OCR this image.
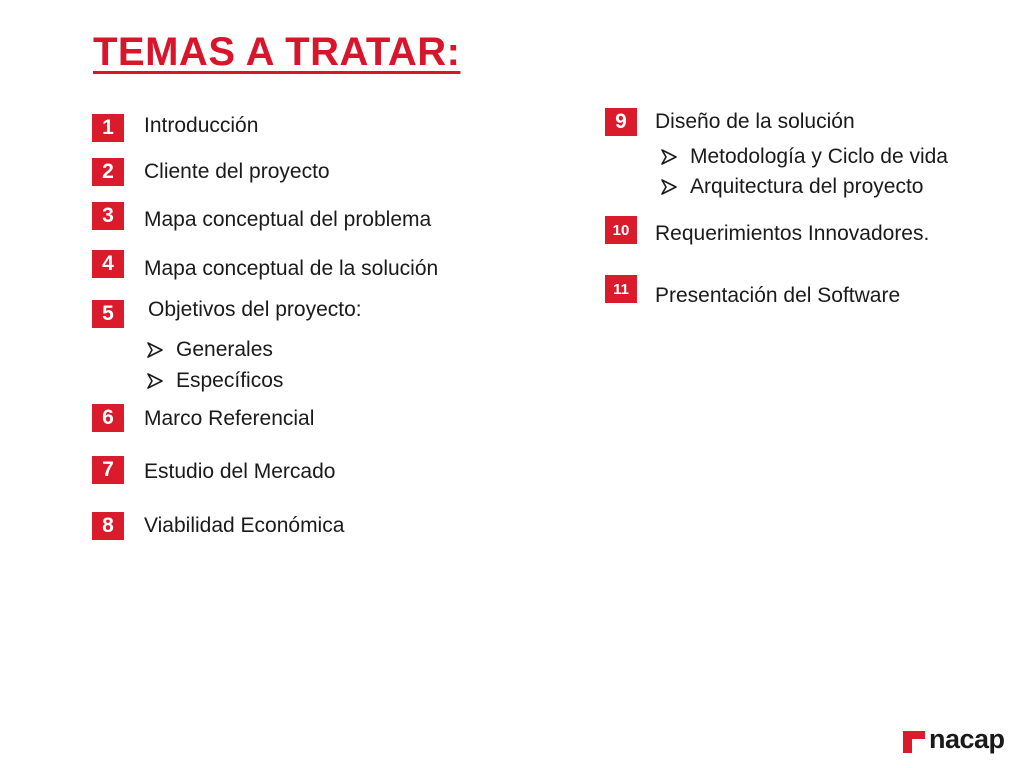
TEMAS A TRATAR:
1	Introducción
2	Cliente del proyecto
3	Mapa conceptual del problema
4	Mapa conceptual de la solución
5	Objetivos del proyecto:
Generales
Específicos
6	Marco Referencial
7	Estudio del Mercado
8	Viabilidad Económica
9	Diseño de la solución
Metodología y Ciclo de vida
Arquitectura del proyecto
10	Requerimientos Innovadores.
11	Presentación del Software
nacap
